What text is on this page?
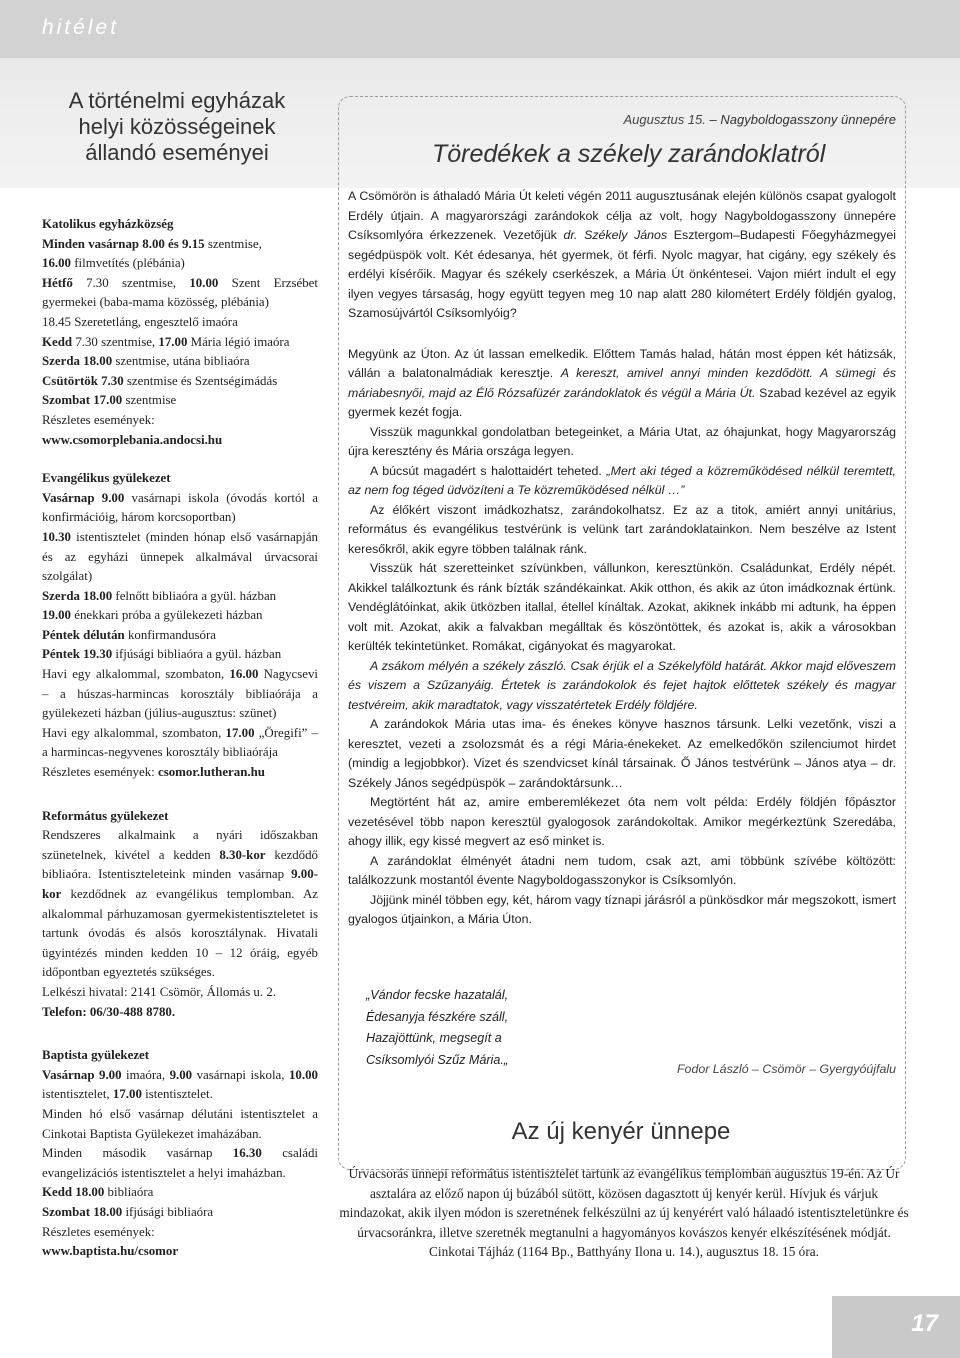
hitélet
A történelmi egyházak
helyi közösségeinek
állandó eseményei
Augusztus 15. – Nagyboldogasszony ünnepére
Töredékek a székely zarándoklatról

Katolikus egyházközség

Minden vasárnap 8.00 és 9.15 szentmise,

16.00 filmvetítés (plébánia)

Hétfő 7.30 szentmise, 10.00 Szent Erzsébet gyermekei (baba-mama közösség, plébánia)

18.45 Szeretetláng, engesztelő imaóra

Kedd 7.30 szentmise, 17.00 Mária légió imaóra

Szerda 18.00 szentmise, utána bibliaóra

Csütörtök 7.30 szentmise és Szentségimádás

Szombat 17.00 szentmise

Részletes események:

www.csomorplebania.andocsi.hu

Evangélikus gyülekezet

Vasárnap 9.00 vasárnapi iskola (óvodás kortól a konfirmációig, három korcsoportban)

10.30 istentisztelet (minden hónap első vasárnapján és az egyházi ünnepek alkalmával úrvacsorai szolgálat)

Szerda 18.00 felnőtt bibliaóra a gyül. házban

19.00 énekkari próba a gyülekezeti házban

Péntek délután konfirmandusóra

Péntek 19.30 ifjúsági bibliaóra a gyül. házban

Havi egy alkalommal, szombaton, 16.00 Nagycsevi – a húszas-harmincas korosztály bibliaórája a gyülekezeti házban (július-augusztus: szünet)

Havi egy alkalommal, szombaton, 17.00 „Öregifi” – a harmincas-negyvenes korosztály bibliaórája

Részletes események: csomor.lutheran.hu

Református gyülekezet

Rendszeres alkalmaink a nyári időszakban szünetelnek, kivétel a kedden 8.30-kor kezdődő bibliaóra. Istentiszteleteink minden vasárnap 9.00-kor kezdődnek az evangélikus templomban. Az alkalommal párhuzamosan gyermekistentiszteletet is tartunk óvodás és alsós korosztálynak. Hivatali ügyintézés minden kedden 10 – 12 óráig, egyéb időpontban egyeztetés szükséges.

Lelkészi hivatal: 2141 Csömör, Állomás u. 2.

Telefon: 06/30-488 8780.

Baptista gyülekezet

Vasárnap 9.00 imaóra, 9.00 vasárnapi iskola, 10.00 istentisztelet, 17.00 istentisztelet.

Minden hó első vasárnap délutáni istentisztelet a Cinkotai Baptista Gyülekezet imaházában.

Minden második vasárnap 16.30 családi evangelizációs istentisztelet a helyi imaházban.

Kedd 18.00 bibliaóra

Szombat 18.00 ifjúsági bibliaóra

Részletes események:

www.baptista.hu/csomor

A Csömörön is áthaladó Mária Út keleti végén 2011 augusztusának elején különös csapat gyalogolt Erdély útjain. A magyarországi zarándokok célja az volt, hogy Nagyboldogasszony ünnepére Csíksomlyóra érkezzenek. Vezetőjük dr. Székely János Esztergom–Budapesti Főegyházmegyei segédpüspök volt. Két édesanya, hét gyermek, öt férfi. Nyolc magyar, hat cigány, egy székely és erdélyi kísérőik. Magyar és székely cserkészek, a Mária Út önkéntesei. Vajon miért indult el egy ilyen vegyes társaság, hogy együtt tegyen meg 10 nap alatt 280 kilométert Erdély földjén gyalog, Szamosújvártól Csíksomlyóig?

Megyünk az Úton. Az út lassan emelkedik. Előttem Tamás halad, hátán most éppen két hátizsák, vállán a balatonalmádiak keresztje. A kereszt, amivel annyi minden kezdődött. A sümegi és máriabesnyői, majd az Élő Rózsafüzér zarándoklatok és végül a Mária Út. Szabad kezével az egyik gyermek kezét fogja.

Visszük magunkkal gondolatban betegeinket, a Mária Utat, az óhajunkat, hogy Magyarország újra keresztény és Mária országa legyen.

A búcsút magadért s halottaidért teheted. „Mert aki téged a közreműködésed nélkül teremtett, az nem fog téged üdvözíteni a Te közreműködésed nélkül …”

Az élőkért viszont imádkozhatsz, zarándokolhatsz. Ez az a titok, amiért annyi unitárius, református és evangélikus testvérünk is velünk tart zarándoklatainkon. Nem beszélve az Istent keresőkről, akik egyre többen találnak ránk.

Visszük hát szeretteinket szívünkben, vállunkon, keresztünkön. Családunkat, Erdély népét. Akikkel találkoztunk és ránk bízták szándékainkat. Akik otthon, és akik az úton imádkoznak értünk. Vendéglátóinkat, akik ütközben itallal, étellel kínáltak. Azokat, akiknek inkább mi adtunk, ha éppen volt mit. Azokat, akik a falvakban megálltak és köszöntöttek, és azokat is, akik a városokban kerülték tekintetünket. Romákat, cigányokat és magyarokat.

A zsákom mélyén a székely zászló. Csak érjük el a Székelyföld határát. Akkor majd előveszem és viszem a Szűzanyáig. Értetek is zarándokolok és fejet hajtok előttetek székely és magyar testvéreim, akik maradtatok, vagy visszatértetek Erdély földjére.

A zarándokok Mária utas ima- és énekes könyve hasznos társunk. Lelki vezetőnk, viszi a keresztet, vezeti a zsolozsmát és a régi Mária-énekeket. Az emelkedőkön szilenciumot hirdet (mindig a legjobbkor). Vizet és szendvicset kínál társainak. Ő János testvérünk – János atya – dr. Székely János segédpüspök – zarándoktársunk…

Megtörtént hát az, amire emberemlékezet óta nem volt példa: Erdély földjén főpásztor vezetésével több napon keresztül gyalogosok zarándokoltak. Amikor megérkeztünk Szeredába, ahogy illik, egy kissé megvert az eső minket is.

A zarándoklat élményét átadni nem tudom, csak azt, ami többünk szívébe költözött: találkozzunk mostantól évente Nagyboldogasszonykor is Csíksomlyón.

Jöjjünk minél többen egy, két, három vagy tíznapi járásról a pünkösdkor már megszokott, ismert gyalogos útjainkon, a Mária Úton.

„Vándor fecske hazatalál,
Édesanyja fészkére száll,
Hazajöttünk, megsegít a
Csíksomlyói Szűz Mária.„
Fodor László – Csömör – Gyergyóújfalu
Az új kenyér ünnepe

Úrvacsorás ünnepi református istentisztelet tartunk az evangélikus templomban augusztus 19-én. Az Úr asztalára az előző napon új búzából sütött, közösen dagasztott új kenyér kerül. Hívjuk és várjuk mindazokat, akik ilyen módon is szeretnének felkészülni az új kenyérért való hálaadó istentiszteletünkre és úrvacsoránkra, illetve szeretnék megtanulni a hagyományos kovászos kenyér elkészítésének módját.

Cinkotai Tájház (1164 Bp., Batthyány Ilona u. 14.), augusztus 18. 15 óra.

17
